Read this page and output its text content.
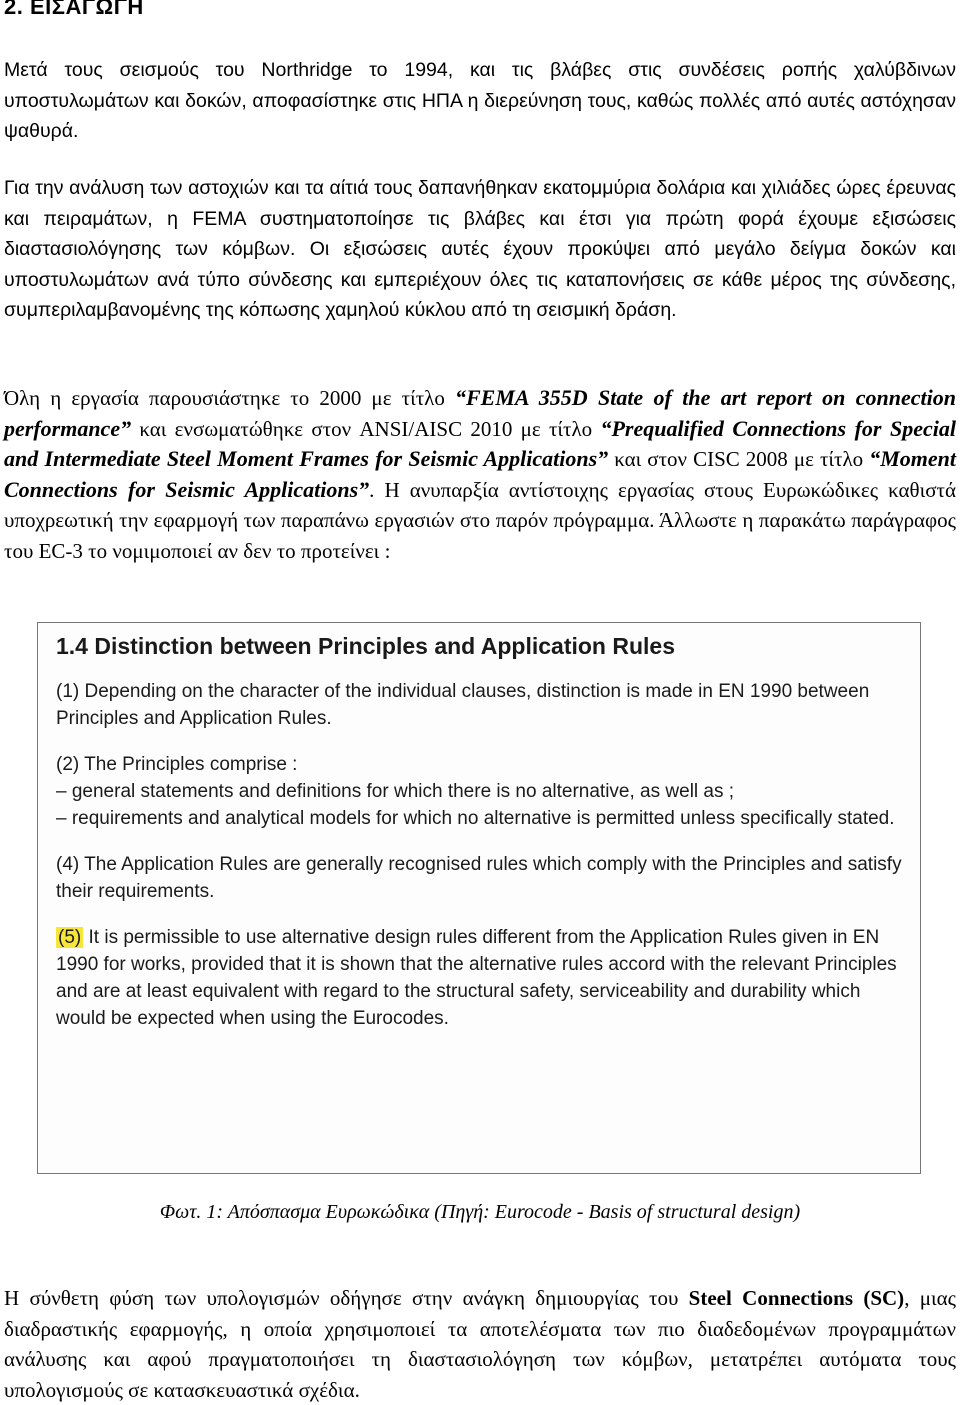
2. ΕΙΣΑΓΩΓΗ

Μετά τους σεισμούς του Northridge το 1994, και τις βλάβες στις συνδέσεις ροπής χαλύβδινων υποστυλωμάτων και δοκών, αποφασίστηκε στις ΗΠΑ η διερεύνηση τους, καθώς πολλές από αυτές αστόχησαν ψαθυρά.

Για την ανάλυση των αστοχιών και τα αίτιά τους δαπανήθηκαν εκατομμύρια δολάρια και χιλιάδες ώρες έρευνας και πειραμάτων, η FEMA συστηματοποίησε τις βλάβες και έτσι για πρώτη φορά έχουμε εξισώσεις διαστασιολόγησης των κόμβων. Οι εξισώσεις αυτές έχουν προκύψει από μεγάλο δείγμα δοκών και υποστυλωμάτων ανά τύπο σύνδεσης και εμπεριέχουν όλες τις καταπονήσεις σε κάθε μέρος της σύνδεσης, συμπεριλαμβανομένης της κόπωσης χαμηλού κύκλου από τη σεισμική δράση.

Όλη η εργασία παρουσιάστηκε το 2000 με τίτλο “FEMA 355D State of the art report on connection performance” και ενσωματώθηκε στον ANSI/AISC 2010 με τίτλο “Prequalified Connections for Special and Intermediate Steel Moment Frames for Seismic Applications” και στον CISC 2008 με τίτλο “Moment Connections for Seismic Applications”. Η ανυπαρξία αντίστοιχης εργασίας στους Ευρωκώδικες καθιστά υποχρεωτική την εφαρμογή των παραπάνω εργασιών στο παρόν πρόγραμμα. Άλλωστε η παρακάτω παράγραφος του EC-3 το νομιμοποιεί αν δεν το προτείνει :

1.4 Distinction between Principles and Application Rules

(1) Depending on the character of the individual clauses, distinction is made in EN 1990 between Principles and Application Rules.

(2) The Principles comprise :

– general statements and definitions for which there is no alternative, as well as ;

– requirements and analytical models for which no alternative is permitted unless specifically stated.

(4) The Application Rules are generally recognised rules which comply with the Principles and satisfy their requirements.

(5) It is permissible to use alternative design rules different from the Application Rules given in EN 1990 for works, provided that it is shown that the alternative rules accord with the relevant Principles and are at least equivalent with regard to the structural safety, serviceability and durability which would be expected when using the Eurocodes.

Φωτ. 1: Απόσπασμα Ευρωκώδικα (Πηγή: Eurocode - Basis of structural design)

Η σύνθετη φύση των υπολογισμών οδήγησε στην ανάγκη δημιουργίας του Steel Connections (SC), μιας διαδραστικής εφαρμογής, η οποία χρησιμοποιεί τα αποτελέσματα των πιο διαδεδομένων προγραμμάτων ανάλυσης και αφού πραγματοποιήσει τη διαστασιολόγηση των κόμβων, μετατρέπει αυτόματα τους υπολογισμούς σε κατασκευαστικά σχέδια.
